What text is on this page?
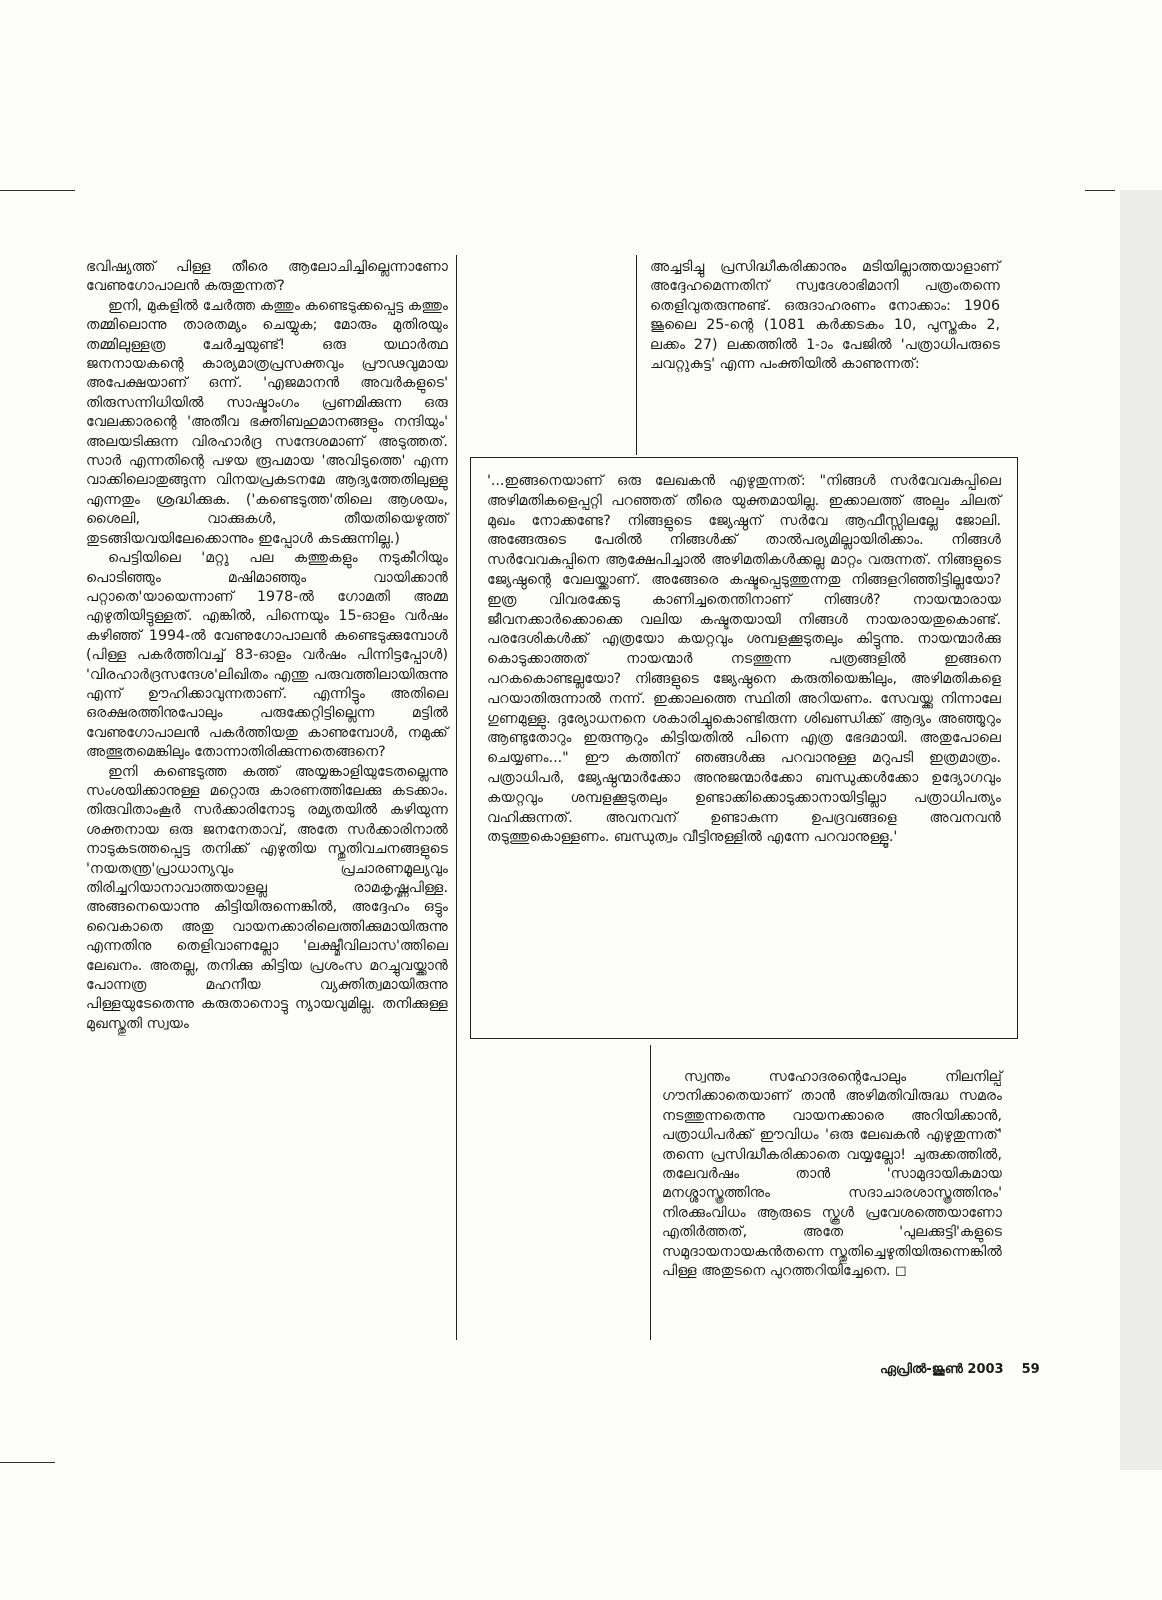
ഭവിഷ്യത്ത് പിള്ള തീരെ ആലോചിച്ചില്ലെന്നാണോ വേണുഗോപാലൻ കരുതുന്നത്?

ഇനി, മുകളിൽ ചേർത്ത കത്തും കണ്ടെടുക്കപ്പെട്ട കത്തും തമ്മിലൊന്നു താരതമ്യം ചെയ്യുക; മോരും മുതിരയും തമ്മിലുള്ളത്ര ചേർച്ചയുണ്ട്! ഒരു യഥാർത്ഥ ജനനായകന്റെ കാര്യമാത്രപ്രസക്തവും പ്രൗഢവുമായ അപേക്ഷയാണ് ഒന്ന്. 'എജമാനൻ അവർകളുടെ' തിരുസന്നിധിയിൽ സാഷ്ടാംഗം പ്രണമിക്കുന്ന ഒരു വേലക്കാരന്റെ 'അതീവ ഭക്തിബഹുമാനങ്ങളും നന്ദിയും' അലയടിക്കുന്ന വിരഹാർദ്ര സന്ദേശമാണ് അടുത്തത്. സാർ എന്നതിന്റെ പഴയ രൂപമായ 'അവിടുത്തെ' എന്ന വാക്കിലൊതുങ്ങുന്ന വിനയപ്രകടനമേ ആദ്യത്തേതിലുള്ളു എന്നതും ശ്രദ്ധിക്കുക. ('കണ്ടെടുത്ത'തിലെ ആശയം, ശൈലി, വാക്കുകൾ, തീയതിയെഴുത്ത് തുടങ്ങിയവയിലേക്കൊന്നും ഇപ്പോൾ കടക്കുന്നില്ല.)

പെട്ടിയിലെ 'മറ്റു പല കത്തുകളും നടുകീറിയും പൊടിഞ്ഞും മഷിമാഞ്ഞും വായിക്കാൻ പറ്റാതെ'യായെന്നാണ് 1978-ൽ ഗോമതി അമ്മ എഴുതിയിട്ടുള്ളത്. എങ്കിൽ, പിന്നെയും 15-ഓളം വർഷം കഴിഞ്ഞ് 1994-ൽ വേണുഗോപാലൻ കണ്ടെടുക്കുമ്പോൾ (പിള്ള പകർത്തിവച്ച് 83-ഓളം വർഷം പിന്നിട്ടപ്പോൾ) 'വിരഹാർദ്രസന്ദേശ'ലിഖിതം എന്തു പരുവത്തിലായിരുന്നു എന്ന് ഊഹിക്കാവുന്നതാണ്. എന്നിട്ടും അതിലെ ഒരക്ഷരത്തിനുപോലും പരുക്കേറ്റിട്ടില്ലെന്ന മട്ടിൽ വേണുഗോപാലൻ പകർത്തിയതു കാണുമ്പോൾ, നമുക്ക് അത്ഭുതമെങ്കിലും തോന്നാതിരിക്കുന്നതെങ്ങനെ?

ഇനി കണ്ടെടുത്ത കത്ത് അയ്യങ്കാളിയുടേതല്ലെന്നു സംശയിക്കാനുള്ള മറ്റൊരു കാരണത്തിലേക്കു കടക്കാം. തിരുവിതാംകൂർ സർക്കാരിനോടു രമ്യതയിൽ കഴിയുന്ന ശക്തനായ ഒരു ജനനേതാവ്, അതേ സർക്കാരിനാൽ നാടുകടത്തപ്പെട്ട തനിക്ക് എഴുതിയ സ്തുതിവചനങ്ങളുടെ 'നയതന്ത്ര'പ്രാധാന്യവും പ്രചാരണമൂല്യവും തിരിച്ചറിയാനാവാത്തയാളല്ല രാമകൃഷ്ണപിള്ള. അങ്ങനെയൊന്നു കിട്ടിയിരുന്നെങ്കിൽ, അദ്ദേഹം ഒട്ടും വൈകാതെ അതു വായനക്കാരിലെത്തിക്കുമായിരുന്നു എന്നതിനു തെളിവാണല്ലോ 'ലക്ഷ്മീവിലാസ'ത്തിലെ ലേഖനം. അതല്ല, തനിക്കു കിട്ടിയ പ്രശംസ മറച്ചുവയ്ക്കാൻ പോന്നത്ര മഹനീയ വ്യക്തിത്വമായിരുന്നു പിള്ളയുടേതെന്നു കരുതാനൊട്ടു ന്യായവുമില്ല. തനിക്കുള്ള മുഖസ്തുതി സ്വയം

അച്ചടിച്ചു പ്രസിദ്ധീകരിക്കാനും മടിയില്ലാത്തയാളാണ് അദ്ദേഹമെന്നതിന് സ്വദേശാഭിമാനി പത്രംതന്നെ തെളിവുതരുന്നുണ്ട്. ഒരുദാഹരണം നോക്കാം: 1906 ജൂലൈ 25-ന്റെ (1081 കർക്കടകം 10, പുസ്തകം 2, ലക്കം 27) ലക്കത്തിൽ 1-ാം പേജിൽ 'പത്രാധിപരുടെ ചവറ്റുകുട്ട' എന്ന പംക്തിയിൽ കാണുന്നത്:

'...ഇങ്ങനെയാണ് ഒരു ലേഖകൻ എഴുതുന്നത്: "നിങ്ങൾ സർവേവകുപ്പിലെ അഴിമതികളെപ്പറ്റി പറഞ്ഞത് തീരെ യുക്തമായില്ല. ഇക്കാലത്ത് അല്പം ചിലത് മുഖം നോക്കണ്ടേ? നിങ്ങളുടെ ജ്യേഷ്ഠന് സർവേ ആഫീസ്സിലല്ലേ ജോലി. അങ്ങേരുടെ പേരിൽ നിങ്ങൾക്ക് താൽപര്യമില്ലായിരിക്കാം. നിങ്ങൾ സർവേവകുപ്പിനെ ആക്ഷേപിച്ചാൽ അഴിമതികൾക്കല്ല മാറ്റം വരുന്നത്. നിങ്ങളുടെ ജ്യേഷ്ഠന്റെ വേലയ്ക്കാണ്. അങ്ങേരെ കഷ്ടപ്പെടുത്തുന്നതു നിങ്ങളറിഞ്ഞിട്ടില്ലയോ? ഇത്ര വിവരക്കേടു കാണിച്ചതെന്തിനാണ് നിങ്ങൾ? നായന്മാരായ ജീവനക്കാർക്കൊക്കെ വലിയ കഷ്ടതയായി നിങ്ങൾ നായരായതുകൊണ്ട്. പരദേശികൾക്ക് എത്രയോ കയറ്റവും ശമ്പളക്കൂടുതലും കിട്ടുന്നു. നായന്മാർക്കു കൊടുക്കാത്തത് നായന്മാർ നടത്തുന്ന പത്രങ്ങളിൽ ഇങ്ങനെ പറകകൊണ്ടല്ലയോ? നിങ്ങളുടെ ജ്യേഷ്ഠനെ കരുതിയെങ്കിലും, അഴിമതികളെ പറയാതിരുന്നാൽ നന്ന്. ഇക്കാലത്തെ സ്ഥിതി അറിയണം. സേവയ്ക്കു നിന്നാലേ ഗുണമുള്ളു. ദുര്യോധനനെ ശകാരിച്ചുകൊണ്ടിരുന്ന ശിഖണ്ഡിക്ക് ആദ്യം അഞ്ഞൂറും ആണ്ടുതോറും ഇരുന്നൂറും കിട്ടിയതിൽ പിന്നെ എത്ര ഭേദമായി. അതുപോലെ ചെയ്യണം..." ഈ കത്തിന് ഞങ്ങൾക്കു പറവാനുള്ള മറുപടി ഇത്രമാത്രം. പത്രാധിപർ, ജ്യേഷ്ഠന്മാർക്കോ അനുജന്മാർക്കോ ബന്ധുക്കൾക്കോ ഉദ്യോഗവും കയറ്റവും ശമ്പളക്കൂടുതലും ഉണ്ടാക്കിക്കൊടുക്കാനായിട്ടില്ലാ പത്രാധിപത്യം വഹിക്കുന്നത്. അവനവന് ഉണ്ടാകുന്ന ഉപദ്രവങ്ങളെ അവനവൻ തടുത്തുകൊള്ളണം. ബന്ധുത്വം വീട്ടിനുള്ളിൽ എന്നേ പറവാനുള്ളൂ.'

സ്വന്തം സഹോദരന്റെപോലും നിലനില്പ് ഗൗനിക്കാതെയാണ് താൻ അഴിമതിവിരുദ്ധ സമരം നടത്തുന്നതെന്നു വായനക്കാരെ അറിയിക്കാൻ, പത്രാധിപർക്ക് ഈവിധം 'ഒരു ലേഖകൻ എഴുതുന്നത്' തന്നെ പ്രസിദ്ധീകരിക്കാതെ വയ്യല്ലോ! ചുരുക്കത്തിൽ, തലേവർഷം താൻ 'സാമുദായികമായ മനശ്ശാസ്ത്രത്തിനും സദാചാരശാസ്ത്രത്തിനും' നിരക്കുംവിധം ആരുടെ സ്കൂൾ പ്രവേശത്തെയാണോ എതിർത്തത്, അതേ 'പുലക്കുട്ടി'കളുടെ സമുദായനായകൻതന്നെ സ്തുതിച്ചെഴുതിയിരുന്നെങ്കിൽ പിള്ള അതുടനെ പുറത്തറിയിച്ചേനെ. ◻

ഏപ്രിൽ-ജൂൺ 2003 59
